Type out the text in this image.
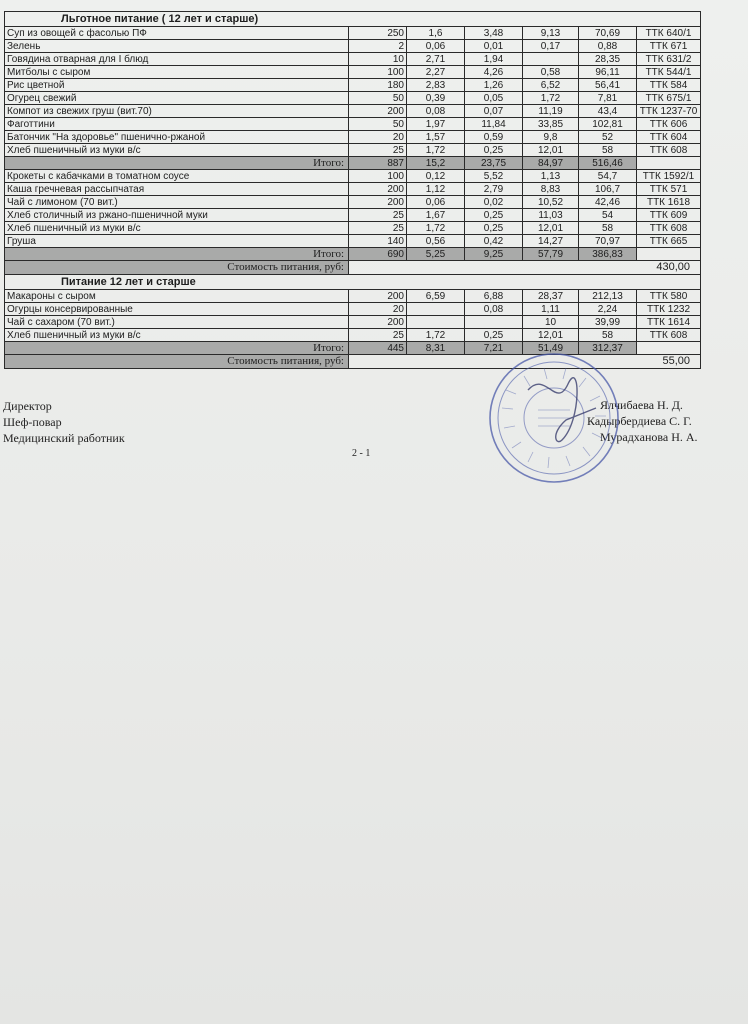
Льготное питание ( 12 лет и старше)						
Суп из овощей с фасолью ПФ	250	1,6	3,48	9,13	70,69	ТТК 640/1
Зелень	2	0,06	0,01	0,17	0,88	ТТК 671
Говядина отварная для I блюд	10	2,71	1,94		28,35	ТТК 631/2
Митболы с сыром	100	2,27	4,26	0,58	96,11	ТТК 544/1
Рис цветной	180	2,83	1,26	6,52	56,41	ТТК 584
Огурец свежий	50	0,39	0,05	1,72	7,81	ТТК 675/1
Компот из свежих груш (вит.70)	200	0,08	0,07	11,19	43,4	ТТК 1237-70
Фаготтини	50	1,97	11,84	33,85	102,81	ТТК 606
Батончик "На здоровье" пшенично-ржаной	20	1,57	0,59	9,8	52	ТТК 604
Хлеб пшеничный из муки в/с	25	1,72	0,25	12,01	58	ТТК 608
Итого:	887	15,2	23,75	84,97	516,46	
Крокеты с кабачками в томатном соусе	100	0,12	5,52	1,13	54,7	ТТК 1592/1
Каша гречневая рассыпчатая	200	1,12	2,79	8,83	106,7	ТТК 571
Чай с лимоном (70 вит.)	200	0,06	0,02	10,52	42,46	ТТК 1618
Хлеб столичный из ржано-пшеничной муки	25	1,67	0,25	11,03	54	ТТК 609
Хлеб пшеничный из муки в/с	25	1,72	0,25	12,01	58	ТТК 608
Груша	140	0,56	0,42	14,27	70,97	ТТК 665
Итого:	690	5,25	9,25	57,79	386,83	
Стоимость питания, руб:	430,00					
Питание 12 лет и старше						
Макароны с сыром	200	6,59	6,88	28,37	212,13	ТТК 580
Огурцы консервированные	20		0,08	1,11	2,24	ТТК 1232
Чай с сахаром (70 вит.)	200			10	39,99	ТТК 1614
Хлеб пшеничный из муки в/с	25	1,72	0,25	12,01	58	ТТК 608
Итого:	445	8,31	7,21	51,49	312,37	
Стоимость питания, руб:	55,00					
Директор
Шеф-повар
Медицинский работник
Ялчибаева Н. Д.
Кадырбердиева С. Г.
Мурадханова Н. А.
2 - 1
